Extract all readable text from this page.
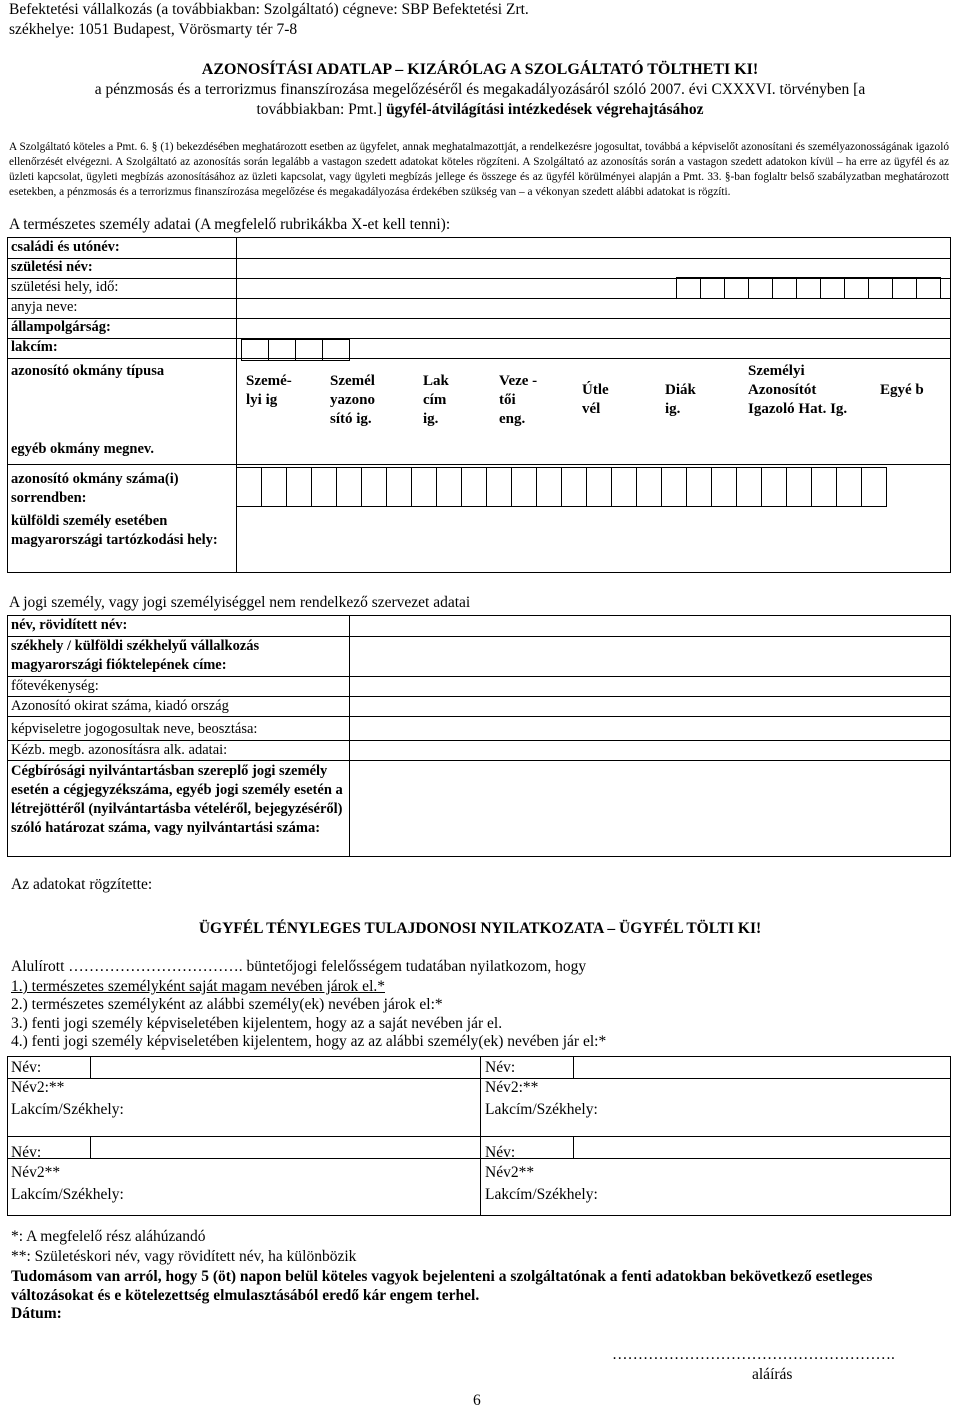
Befektetési vállalkozás (a továbbiakban: Szolgáltató) cégneve: SBP Befektetési Zrt.
székhelye: 1051 Budapest, Vörösmarty tér 7-8
AZONOSÍTÁSI ADATLAP – KIZÁRÓLAG A SZOLGÁLTATÓ TÖLTHETI KI!
a pénzmosás és a terrorizmus finanszírozása megelőzéséről és megakadályozásáról szóló 2007. évi CXXXVI. törvényben [a
továbbiakban: Pmt.] ügyfél-átvilágítási intézkedések végrehajtásához
A Szolgáltató köteles a Pmt. 6. § (1) bekezdésében meghatározott esetben az ügyfelet, annak meghatalmazottját, a rendelkezésre jogosultat, továbbá a képviselőt azonosítani és személyazonosságának igazoló ellenőrzését elvégezni. A Szolgáltató az azonosítás során legalább a vastagon szedett adatokat köteles rögzíteni. A Szolgáltató az azonosítás során a vastagon szedett adatokon kívül – ha erre az ügyfél és az üzleti kapcsolat, ügyleti megbízás azonosításához az üzleti kapcsolat, vagy ügyleti megbízás jellege és összege és az ügyfél körülményei alapján a Pmt. 33. §-ban foglaltr belső szabályzatban meghatározott esetekben, a pénzmosás és a terrorizmus finanszírozása megelőzése és megakadályozása érdekében szükség van – a vékonyan szedett alábbi adatokat is rögzíti.
A természetes személy adatai (A megfelelő rubrikákba X-et kell tenni):
családi és utónév:
születési név:
születési hely, idő:
anyja neve:
állampolgárság:
lakcím:
azonosító okmány típusa
egyéb okmány megnev.
azonosító okmány száma(i) sorrendben:
külföldi személy esetében magyarországi tartózkodási hely:
Szemé-lyi ig
Személ yazono sító ig.
Lak cím ig.
Veze -tői eng.
Útle vél
Diák ig.
Személyi Azonosítót Igazoló Hat. Ig.
Egyé b
A jogi személy, vagy jogi személyiséggel nem rendelkező szervezet adatai
név, rövidített név:
székhely / külföldi székhelyű vállalkozás magyarországi fióktelepének címe:
főtevékenység:
Azonosító okirat száma, kiadó ország
képviseletre jogogosultak neve, beosztása:
Kézb. megb. azonosításra alk. adatai:
Cégbírósági nyilvántartásban szereplő jogi személy esetén a cégjegyzékszáma, egyéb jogi személy esetén a létrejöttéről (nyilvántartásba vételéről, bejegyzéséről) szóló határozat száma, vagy nyilvántartási száma:
Az adatokat rögzítette:
ÜGYFÉL TÉNYLEGES TULAJDONOSI NYILATKOZATA – ÜGYFÉL TÖLTI KI!
Alulírott ……………………………. büntetőjogi felelősségem tudatában nyilatkozom, hogy
1.) természetes személyként saját magam nevében járok el.*
2.) természetes személyként az alábbi személy(ek) nevében járok el:*
3.) fenti jogi személy képviseletében kijelentem, hogy az a saját nevében jár el.
4.) fenti jogi személy képviseletében kijelentem, hogy az az alábbi személy(ek) nevében jár el:*
Név:
Név2:**
Lakcím/Székhely:
Név:
Név2:**
Lakcím/Székhely:
Név:
Név2**
Lakcím/Székhely:
Név:
Név2**
Lakcím/Székhely:
*: A megfelelő rész aláhúzandó
**: Születéskori név, vagy rövidített név, ha különbözik
Tudomásom van arról, hogy 5 (öt) napon belül köteles vagyok bejelenteni a szolgáltatónak a fenti adatokban bekövetkező esetleges változásokat és e kötelezettség elmulasztásából eredő kár engem terhel.
Dátum:
……………………………………………….
aláírás
6
